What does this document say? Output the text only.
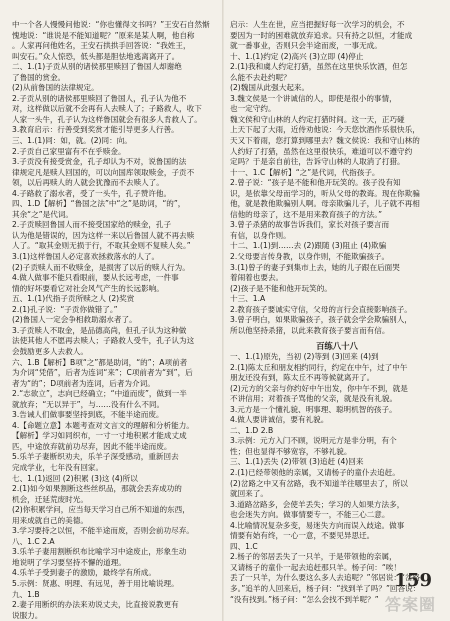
中一个各人慢慢问他说：“你也懂得文书吗？”王安石自然惭
愧地说：“谁说是不能知道呢？”原来是某人啊，他自称
。人家再问他姓名，王安石拱拱手回答说：“我姓王，
叫安石。”众人惊恐，低头都是胆怯地逃离离开了。
二、1.(1)子贡从别的诸侯那里赎回了鲁国人却谢绝
了鲁国的赏金。
(2)从前鲁国的法律规定。
2.子贡从别的诸侯那里赎回了鲁国人，孔子认为他不
对，这样做以后就不会再有人去赎人了；子路救人，收下
人家一头牛，孔子认为这样鲁国就会有很多人肯救人了。
3.教育启示：行善受到奖赏才能引导更多人行善。
三、1.(1)同：如，就。(2)同：向。
2.子贡自己家里富有不在乎赎金。
3.子贡没有接受赏金，孔子却认为不对，说鲁国的法
律规定凡是赎人回国的，可以向国库领取赎金，子贡不
领，以后再赎人的人就会犹豫而不去赎人了。
4.子路救了溺水者，受了一头牛，孔子赞许他。
四、1.D【解析】“鲁国之法”中“之”是助词，“的”，
其余“之”是代词。
2.子贡赎回鲁国人而不接受国家给的赎金，孔子
认为他是错误的，因为这样一来以后鲁国人就不再去赎
人了。“取其金则无损于行，不取其金则不复赎人矣。”
3.(1)这样鲁国人必定喜欢拯救落水的人了。
(2)子贡赎人而不收赎金，是损害了以后的赎人行为。
4.做人做事不能只看眼前，要从长远考虑，一件事
情的好坏要看它对社会风气产生的长远影响。
五、1.(1)代指子贡所赎之人 (2)奖赏
2.(1)孔子说：“子贡你做错了。”
(2)鲁国人一定会争相救助溺水者了。
3.子贡赎人不取金，是品德高尚，但孔子认为这种做
法使其他人不愿再去赎人；子路救人受牛，孔子认为这
会鼓励更多人去救人。
六、1.B【解析】B项“之”都是助词，“的”；A项前者
为介词“凭借”，后者为连词“来”；C项前者为“到”，后
者为“的”；D项前者为连词，后者为介词。
2.“志欲立”，志向已经确立；“中道而废”，做到一半
就放弃；“无以异于”，与……没有什么不同。
3.告诫人们做事要坚持到底，不能半途而废。
4.【命题立意】本题考查对文言文的理解和分析能力。
【解析】学习如同织布，一寸一寸地积累才能成丈成
匹，中途放弃就前功尽弃，因此不能半途而废。
5.乐羊子妻断织劝夫，乐羊子深受感动，重新回去
完成学业，七年没有回家。
七、1.(1)返回 (2)积累 (3)这 (4)所以
2.(1)如今如果割断这些丝织品，那就会丢弃成功的
机会，迁延荒废时光。
(2)你积累学问，应当每天学习自己所不知道的东西，
用来成就自己的美德。
3.学习要持之以恒，不能半途而废，否则会前功尽弃。
八、1.C 2.A
3.乐羊子妻用割断织布比喻学习中途废止，形象生动
地说明了学习要坚持不懈的道理。
4.乐羊子受到妻子的激励，最终学有所成。
5.示例：贤惠、明理、有远见，善于用比喻说理。
九、1.B
2.妻子用断织的办法来劝说丈夫，比直接说教更有
说服力。
启示：人生在世，应当把握好每一次学习的机会，不
要因为一时的困难就放弃追求。只有持之以恒，才能成
就一番事业，否则只会半途而废，一事无成。
十、1.(1)约定 (2)高兴 (3)立即 (4)停止
2.(1)我和虞人约定打猎，虽然在这里快乐饮酒，但怎
么能不去赴约呢？
(2)魏国从此强大起来。
3.魏文侯是一个讲诚信的人，即使是很小的事情，
也一定守约。
魏文侯和守山林的人约定打猎时间。这一天，正巧碰
上天下起了大雨，近侍劝他说：今天您饮酒作乐很快乐，
天又下着雨，您打算到哪里去？魏文侯说：我和守山林的
人约好了打猎，虽然在这里很快乐，难道可以不遵守约
定吗？于是亲自前往，告诉守山林的人取消了打猎。
十一、1.C【解析】“之”是代词，代指孩子。
2.曾子说：“孩子是不能和他开玩笑的。孩子没有知
识，是依靠父母而学习的，听从父母的教诲。现在你欺骗
他，就是教他欺骗别人啊。母亲欺骗儿子，儿子就不再相
信他的母亲了，这不是用来教育孩子的方法。”
3.曾子杀猪的故事告诉我们，家长对孩子要言而
有信，以身作则。
十二、1.(1)到……去 (2)跟随 (3)阻止 (4)欺骗
2.父母要言传身教，以身作则，不能欺骗孩子。
3.(1)曾子的妻子到集市上去，她的儿子跟在后面哭
着闹着也要去。
(2)孩子是不能和他开玩笑的。
十三、1.A
2.教育孩子要诚实守信，父母的言行会直接影响孩子。
3.曾子明白，如果欺骗孩子，孩子就会学会欺骗别人，
所以他坚持杀猪，以此来教育孩子要言而有信。
百练八十八
一、1.(1)原先，当初 (2)等到 (3)回来 (4)到
2.(1)陈太丘和朋友相约同行，约定在中午，过了中午
朋友还没有到，陈太丘不再等候就离开了。
(2)元方的父亲与你约好中午出发，你中午不到，就是
不讲信用；对着孩子骂他的父亲，就是没有礼貌。
3.元方是一个懂礼貌、明事理、聪明机智的孩子。
4.做人要讲诚信，要有礼貌。
二、1.D 2.B
3.示例：元方入门不顾，说明元方是非分明，有个
性；但也显得不够宽容，不够礼貌。
三、1.(1)丢失 (2)带领 (3)追赶 (4)回来
2.(1)已经带领他的亲属，又请杨子的童仆去追赶。
(2)岔路之中又有岔路，我不知道羊往哪里去了，所以
就回来了。
3.道路岔路多，会使羊丢失；学习的人如果方法多，
也会迷失方向。做事情要专一，不能三心二意。
4.比喻情况复杂多变，易迷失方向而误入歧途。做事
情要有始有终，一心一意，不要见异思迁。
四、1.C
2.杨子的邻居丢失了一只羊，于是带领他的亲属，
又请杨子的童仆一起去追赶那只羊。杨子问：“唉！
丢了一只羊，为什么要这么多人去追呢？”邻居说：“岔路
多。”追羊的人回来后，杨子问：“找到羊了吗？”回答说：
“没有找到。”杨子问：“怎么会找不到羊呢？”
159
答案圈
